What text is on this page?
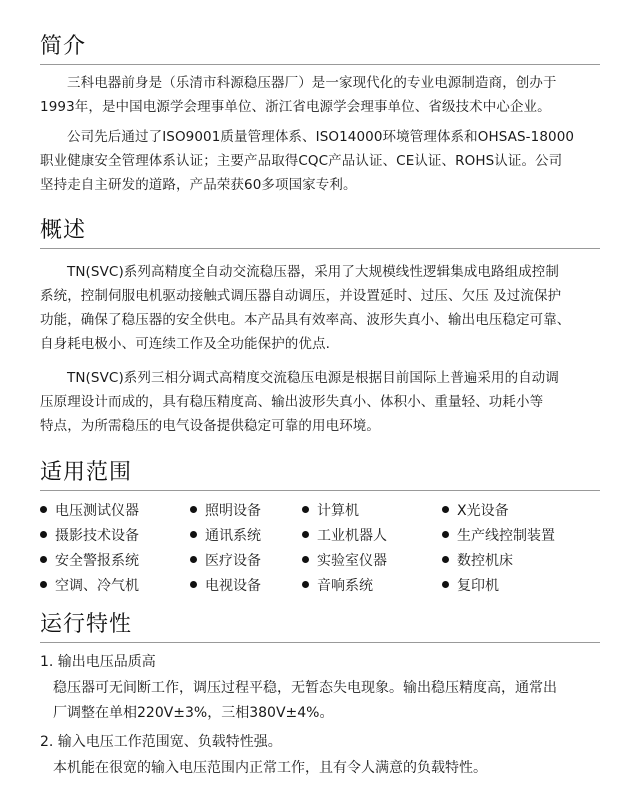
简介
三科电器前身是（乐清市科源稳压器厂）是一家现代化的专业电源制造商，创办于
1993年，是中国电源学会理事单位、浙江省电源学会理事单位、省级技术中心企业。
公司先后通过了ISO9001质量管理体系、ISO14000环境管理体系和OHSAS-18000
职业健康安全管理体系认证；主要产品取得CQC产品认证、CE认证、ROHS认证。公司
坚持走自主研发的道路，产品荣获60多项国家专利。
概述
TN(SVC)系列高精度全自动交流稳压器，采用了大规模线性逻辑集成电路组成控制
系统，控制伺服电机驱动接触式调压器自动调压，并设置延时、过压、欠压 及过流保护
功能，确保了稳压器的安全供电。本产品具有效率高、波形失真小、输出电压稳定可靠、
自身耗电极小、可连续工作及全功能保护的优点.
TN(SVC)系列三相分调式高精度交流稳压电源是根据目前国际上普遍采用的自动调
压原理设计而成的，具有稳压精度高、输出波形失真小、体积小、重量轻、功耗小等
特点，为所需稳压的电气设备提供稳定可靠的用电环境。
适用范围
电压测试仪器	照明设备	计算机	X光设备
摄影技术设备	通讯系统	工业机器人	生产线控制装置
安全警报系统	医疗设备	实验室仪器	数控机床
空调、冷气机	电视设备	音响系统	复印机
运行特性
1. 输出电压品质高
稳压器可无间断工作，调压过程平稳，无暂态失电现象。输出稳压精度高，通常出
厂调整在单相220V±3%，三相380V±4%。
2. 输入电压工作范围宽、负载特性强。
本机能在很宽的输入电压范围内正常工作，且有令人满意的负载特性。
